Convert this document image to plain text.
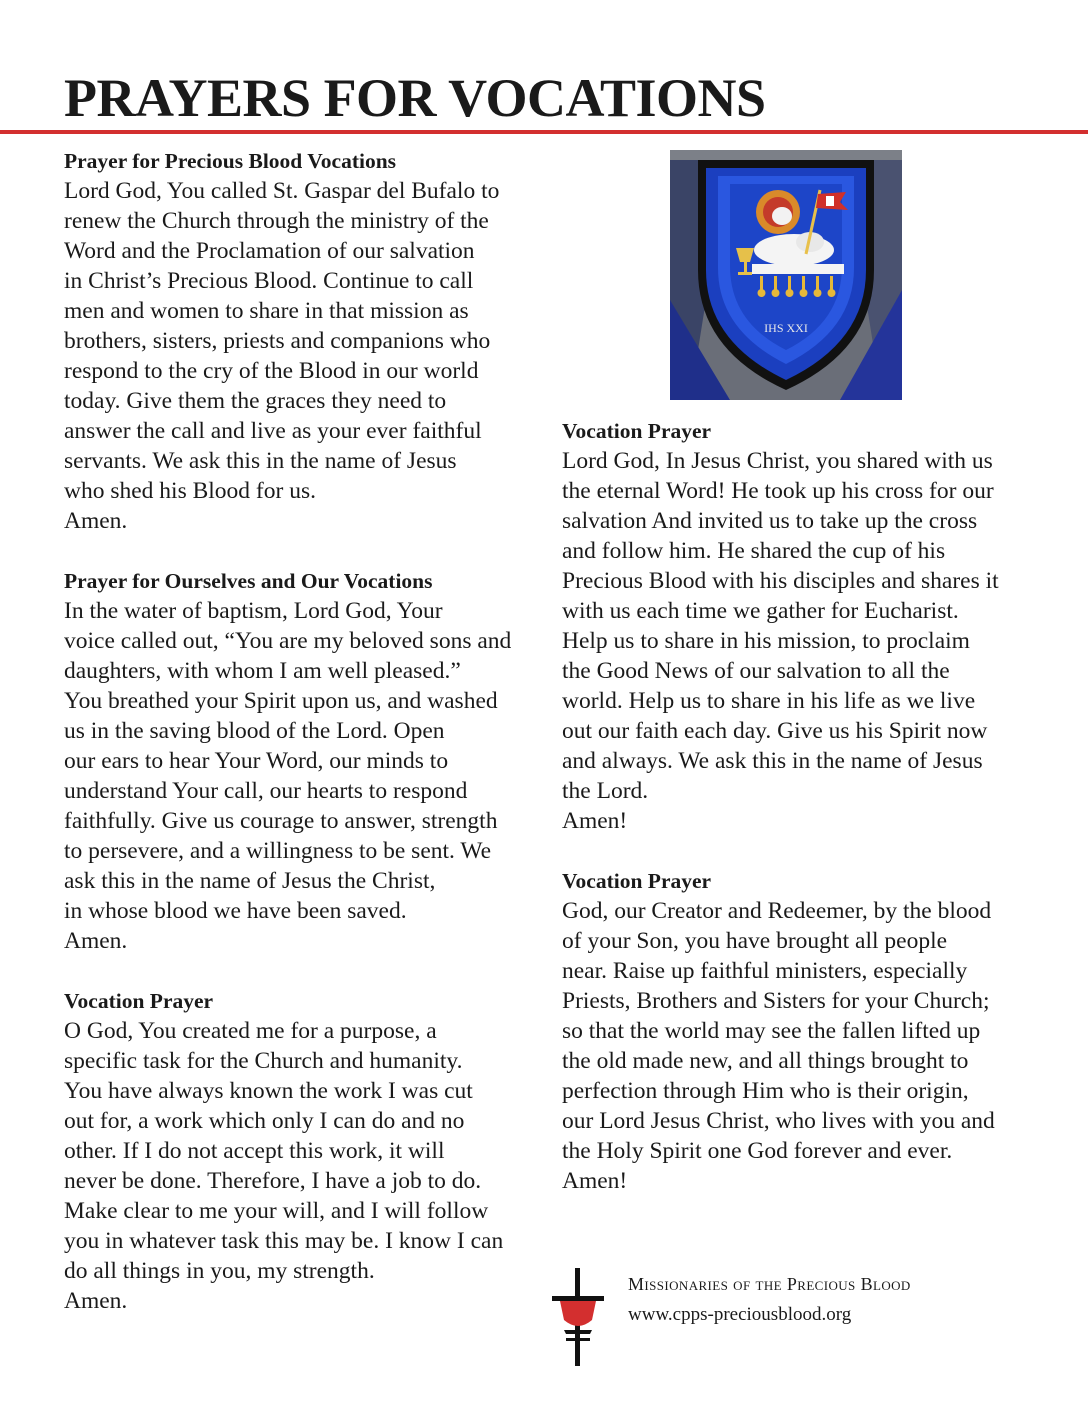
PRAYERS FOR VOCATIONS
Prayer for Precious Blood Vocations
Lord God, You called St. Gaspar del Bufalo to
renew the Church through the ministry of the
Word and the Proclamation of our salvation
in Christ’s Precious Blood. Continue to call
men and women to share in that mission as
brothers, sisters, priests and companions who
respond to the cry of the Blood in our world
today. Give them the graces they need to
answer the call and live as your ever faithful
servants. We ask this in the name of Jesus
who shed his Blood for us.
Amen.
Prayer for Ourselves and Our Vocations
In the water of baptism, Lord God, Your
voice called out, “You are my beloved sons and
daughters, with whom I am well pleased.”
You breathed your Spirit upon us, and washed
us in the saving blood of the Lord. Open
our ears to hear Your Word, our minds to
understand Your call, our hearts to respond
faithfully. Give us courage to answer, strength
to persevere, and a willingness to be sent. We
ask this in the name of Jesus the Christ,
in whose blood we have been saved.
Amen.
Vocation Prayer
O God, You created me for a purpose, a
specific task for the Church and humanity.
You have always known the work I was cut
out for, a work which only I can do and no
other. If I do not accept this work, it will
never be done. Therefore, I have a job to do.
Make clear to me your will, and I will follow
you in whatever task this may be. I know I can
do all things in you, my strength.
Amen.
IHS XXI
Vocation Prayer
Lord God, In Jesus Christ, you shared with us
the eternal Word! He took up his cross for our
salvation And invited us to take up the cross
and follow him. He shared the cup of his
Precious Blood with his disciples and shares it
with us each time we gather for Eucharist.
Help us to share in his mission, to proclaim
the Good News of our salvation to all the
world. Help us to share in his life as we live
out our faith each day. Give us his Spirit now
and always. We ask this in the name of Jesus
the Lord.
Amen!
Vocation Prayer
God, our Creator and Redeemer, by the blood
of your Son, you have brought all people
near. Raise up faithful ministers, especially
Priests, Brothers and Sisters for your Church;
so that the world may see the fallen lifted up
the old made new, and all things brought to
perfection through Him who is their origin,
our Lord Jesus Christ, who lives with you and
the Holy Spirit one God forever and ever.
Amen!
Missionaries of the Precious Blood
www.cpps-preciousblood.org
